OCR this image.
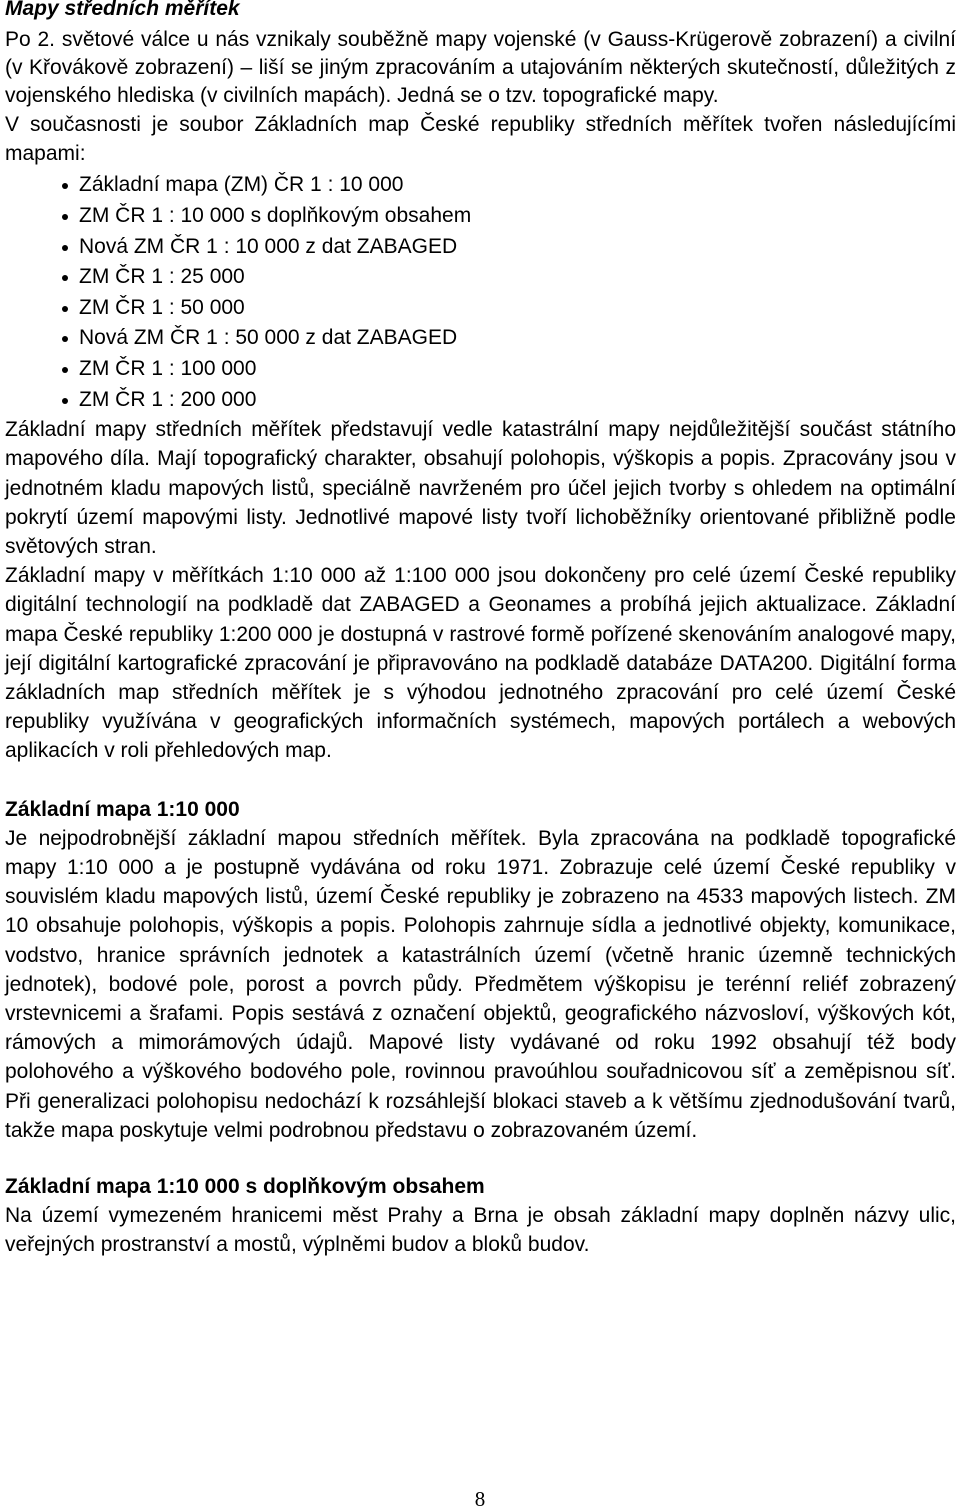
Mapy středních měřítek

Po 2. světové válce u nás vznikaly souběžně mapy vojenské (v Gauss-Krügerově zobrazení) a civilní (v Křovákově zobrazení) – liší se jiným zpracováním a utajováním některých skutečností, důležitých z vojenského hlediska (v civilních mapách). Jedná se o tzv. topografické mapy.

V současnosti je soubor Základních map České republiky středních měřítek tvořen následujícími mapami:

Základní mapa (ZM) ČR 1 : 10 000
ZM ČR 1 : 10 000 s doplňkovým obsahem
Nová ZM ČR 1 : 10 000 z dat ZABAGED
ZM ČR 1 : 25 000
ZM ČR 1 : 50 000
Nová ZM ČR 1 : 50 000 z dat ZABAGED
ZM ČR 1 : 100 000
ZM ČR 1 : 200 000

Základní mapy středních měřítek představují vedle katastrální mapy nejdůležitější součást státního mapového díla. Mají topografický charakter, obsahují polohopis, výškopis a popis. Zpracovány jsou v jednotném kladu mapových listů, speciálně navrženém pro účel jejich tvorby s ohledem na optimální pokrytí území mapovými listy. Jednotlivé mapové listy tvoří lichoběžníky orientované přibližně podle světových stran.

Základní mapy v měřítkách 1:10 000 až 1:100 000 jsou dokončeny pro celé území České republiky digitální technologií na podkladě dat ZABAGED a Geonames a probíhá jejich aktualizace. Základní mapa České republiky 1:200 000 je dostupná v rastrové formě pořízené skenováním analogové mapy, její digitální kartografické zpracování je připravováno na podkladě databáze DATA200. Digitální forma základních map středních měřítek je s výhodou jednotného zpracování pro celé území České republiky využívána v geografických informačních systémech, mapových portálech a webových aplikacích v roli přehledových map.

Základní mapa 1:10 000

Je nejpodrobnější základní mapou středních měřítek. Byla zpracována na podkladě topografické mapy 1:10 000 a je postupně vydávána od roku 1971. Zobrazuje celé území České republiky v souvislém kladu mapových listů, území České republiky je zobrazeno na 4533 mapových listech. ZM 10 obsahuje polohopis, výškopis a popis. Polohopis zahrnuje sídla a jednotlivé objekty, komunikace, vodstvo, hranice správních jednotek a katastrálních území (včetně hranic územně technických jednotek), bodové pole, porost a povrch půdy. Předmětem výškopisu je terénní reliéf zobrazený vrstevnicemi a šrafami. Popis sestává z označení objektů, geografického názvosloví, výškových kót, rámových a mimorámových údajů. Mapové listy vydávané od roku 1992 obsahují též body polohového a výškového bodového pole, rovinnou pravoúhlou souřadnicovou síť a zeměpisnou síť. Při generalizaci polohopisu nedochází k rozsáhlejší blokaci staveb a k většímu zjednodušování tvarů, takže mapa poskytuje velmi podrobnou představu o zobrazovaném území.

Základní mapa 1:10 000 s doplňkovým obsahem

Na území vymezeném hranicemi měst Prahy a Brna je obsah základní mapy doplněn názvy ulic, veřejných prostranství a mostů, výplněmi budov a bloků budov.

8
